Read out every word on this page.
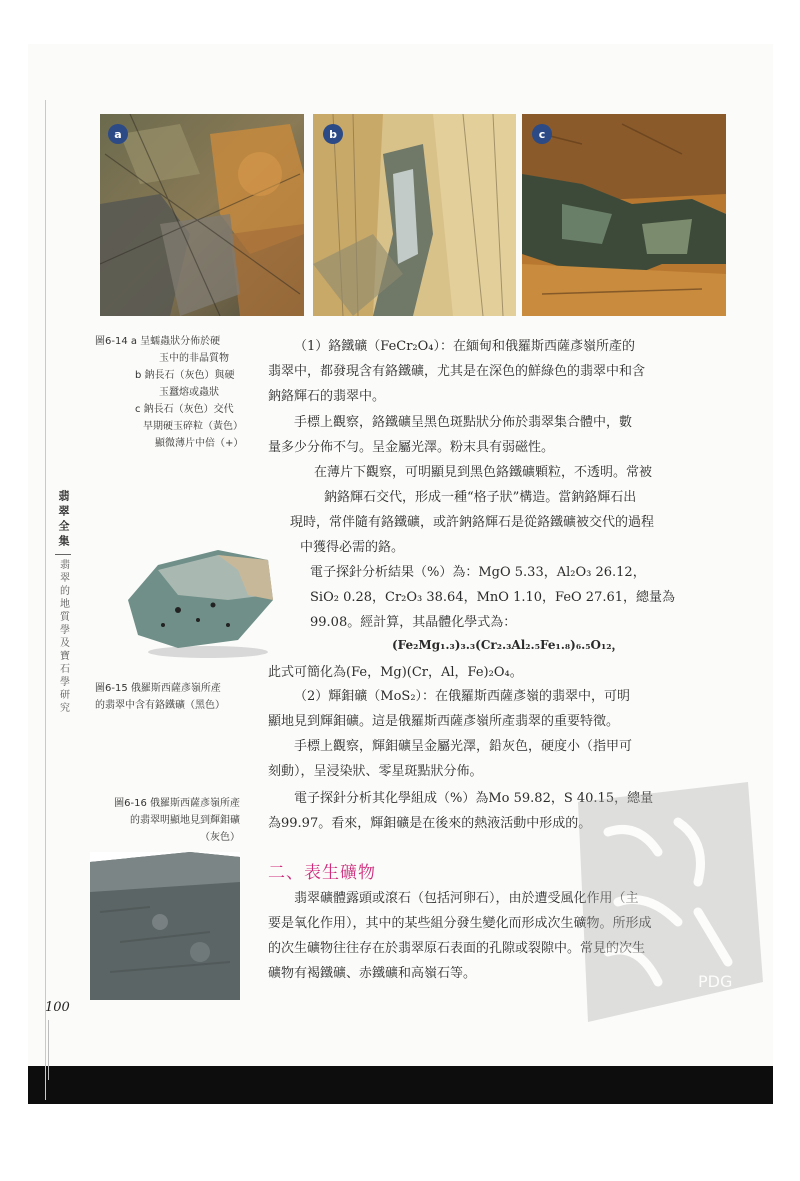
a	b	c
圖6-14 a 呈蠕蟲狀分佈於硬
玉中的非晶質物
b 鈉長石（灰色）與硬
玉蠶熔或蟲狀
c 鈉長石（灰色）交代
早期硬玉碎粒（黃色）
顯微薄片中倍（+）
圖6-15 俄羅斯西薩彥嶺所產
的翡翠中含有鉻鐵礦（黑色）
圖6-16 俄羅斯西薩彥嶺所產
的翡翠明顯地見到輝鉬礦
（灰色）
翡翠全集
翡翠的地質學及寶石學研究
（1）鉻鐵礦（FeCr₂O₄）：在緬甸和俄羅斯西薩彥嶺所產的
翡翠中，都發現含有鉻鐵礦，尤其是在深色的鮮綠色的翡翠中和含
鈉鉻輝石的翡翠中。
手標上觀察，鉻鐵礦呈黑色斑點狀分佈於翡翠集合體中，數
量多少分佈不勻。呈金屬光澤。粉末具有弱磁性。
在薄片下觀察，可明顯見到黑色鉻鐵礦顆粒，不透明。常被
鈉鉻輝石交代，形成一種“格子狀”構造。當鈉鉻輝石出
現時，常伴隨有鉻鐵礦，或許鈉鉻輝石是從鉻鐵礦被交代的過程
中獲得必需的鉻。
電子探針分析結果（%）為：MgO 5.33，Al₂O₃ 26.12，
SiO₂ 0.28，Cr₂O₃ 38.64，MnO 1.10，FeO 27.61，總量為
99.08。經計算，其晶體化學式為：
(Fe₂Mg₁.₃)₃.₃(Cr₂.₃Al₂.₅Fe₁.₈)₆.₅O₁₂，
此式可簡化為(Fe，Mg)(Cr，Al，Fe)₂O₄。
（2）輝鉬礦（MoS₂）：在俄羅斯西薩彥嶺的翡翠中，可明
顯地見到輝鉬礦。這是俄羅斯西薩彥嶺所產翡翠的重要特徵。
手標上觀察，輝鉬礦呈金屬光澤，鉛灰色，硬度小（指甲可
刻動），呈浸染狀、零星斑點狀分佈。
電子探針分析其化學組成（%）為Mo 59.82，S 40.15，總量
為99.97。看來，輝鉬礦是在後來的熱液活動中形成的。
二、表生礦物
翡翠礦體露頭或滾石（包括河卵石），由於遭受風化作用（主
要是氧化作用），其中的某些組分發生變化而形成次生礦物。所形成
的次生礦物往往存在於翡翠原石表面的孔隙或裂隙中。常見的次生
礦物有褐鐵礦、赤鐵礦和高嶺石等。
100
PDG
